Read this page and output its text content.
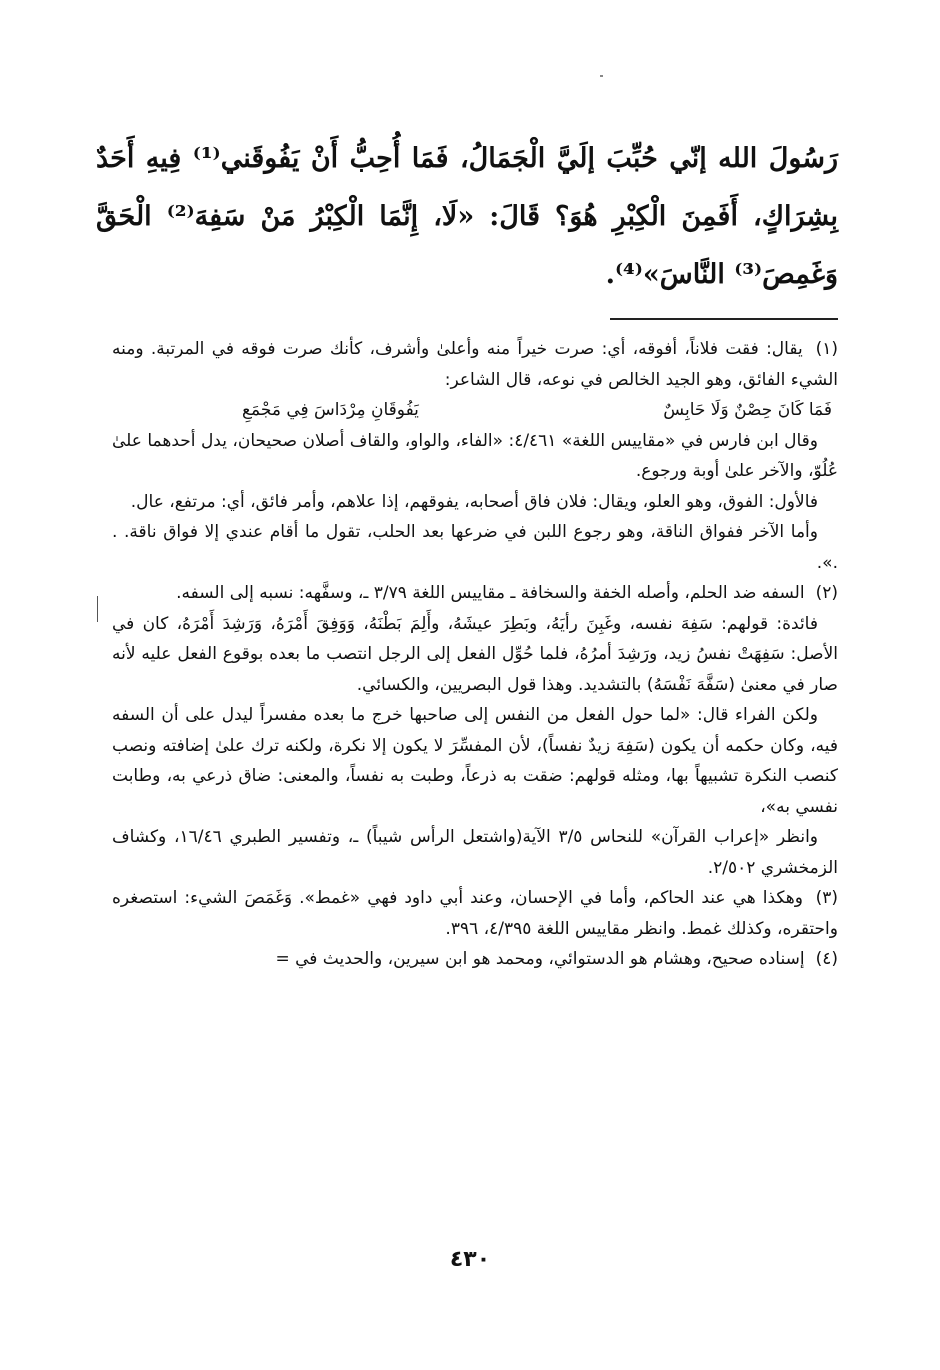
رَسُولَ الله إنّي حُبِّبَ إلَيَّ الْجَمَالُ، فَمَا أُحِبُّ أَنْ يَفُوقَني⁽¹⁾ فِيهِ أَحَدٌ
بِشِرَاكٍ، أَفَمِنَ الْكِبْرِ هُوَ؟ قَالَ: «لَا، إِنَّمَا الْكِبْرُ مَنْ سَفِهَ⁽²⁾ الْحَقَّ
وَغَمِصَ⁽³⁾ النَّاسَ»⁽⁴⁾.

(١) يقال: فقت فلاناً، أفوقه، أي: صرت خيراً منه وأعلىٰ وأشرف، كأنك صرت فوقه في المرتبة. ومنه الشيء الفائق، وهو الجيد الخالص في نوعه، قال الشاعر:

فَمَا كَانَ حِصْنٌ وَلَا حَابِسٌ
يَفُوقَانِ مِرْدَاسَ فِي مَجْمَعِ

وقال ابن فارس في «مقاييس اللغة» ٤/٤٦١: «الفاء، والواو، والقاف أصلان صحيحان، يدل أحدهما علىٰ عُلُوّ، والآخر علىٰ أوبة ورجوع.

فالأول: الفوق، وهو العلو، ويقال: فلان فاق أصحابه، يفوقهم، إذا علاهم، وأمر فائق، أي: مرتفع، عال.

وأما الآخر ففواق الناقة، وهو رجوع اللبن في ضرعها بعد الحلب، تقول ما أقام عندي إلا فواق ناقة. . .».

(٢) السفه ضد الحلم، وأصله الخفة والسخافة ـ مقاييس اللغة ٣/٧٩ ـ، وسفَّهه: نسبه إلى السفه.

فائدة: قولهم: سَفِهَ نفسه، وغَبِنَ رأيَهُ، وبَطِرَ عيشَهُ، وأَلِمَ بَطْنَهُ، وَوَفِقَ أَمْرَهُ، وَرَشِدَ أَمْرَهُ، كان في الأصل: سَفِهَتْ نفسُ زيد، ورَشِدَ أمرُهُ، فلما حُوِّل الفعل إلى الرجل انتصب ما بعده بوقوع الفعل عليه لأنه صار في معنىٰ (سَفَّهَ نَفْسَهُ) بالتشديد. وهذا قول البصريين، والكسائي.

ولكن الفراء قال: «لما حول الفعل من النفس إلى صاحبها خرج ما بعده مفسراً ليدل على أن السفه فيه، وكان حكمه أن يكون (سَفِهَ زيدٌ نفساً)، لأن المفسِّرَ لا يكون إلا نكرة، ولكنه ترك علىٰ إضافته ونصب كنصب النكرة تشبيهاً بها، ومثله قولهم: ضقت به ذرعاً، وطبت به نفساً، والمعنى: ضاق ذرعي به، وطابت نفسي به»،

وانظر «إعراب القرآن» للنحاس ٣/٥ الآية(واشتعل الرأس شيباً) ـ، وتفسير الطبري ١٦/٤٦، وكشاف الزمخشري ٢/٥٠٢.

(٣) وهكذا هي عند الحاكم، وأما في الإحسان، وعند أبي داود فهي «غمط». وَغَمَصَ الشيء: استصغره واحتقره، وكذلك غمط. وانظر مقاييس اللغة ٤/٣٩٥، ٣٩٦.

(٤) إسناده صحيح، وهشام هو الدستوائي، ومحمد هو ابن سيرين، والحديث في =

٤٣٠
